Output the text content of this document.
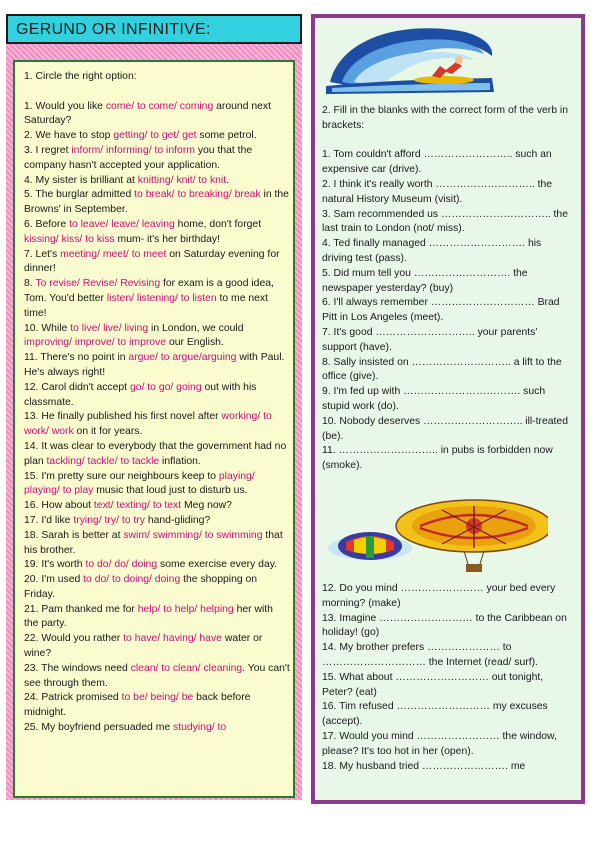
GERUND OR INFINITIVE:

1. Circle the right option:

1. Would you like come/ to come/ coming around next Saturday?

2. We have to stop getting/ to get/ get some petrol.

3. I regret inform/ informing/ to inform you that the company hasn't accepted your application.

4. My sister is brilliant at knitting/ knit/ to knit.

5. The burglar admitted to break/ to breaking/ break in the Browns' in September.

6. Before to leave/ leave/ leaving home, don't forget kissing/ kiss/ to kiss mum- it's her birthday!

7. Let's meeting/ meet/ to meet on Saturday evening for dinner!

8. To revise/ Revise/ Revising for exam is a good idea, Tom. You'd better listen/ listening/ to listen to me next time!

10. While to live/ live/ living in London, we could improving/ improve/ to improve our English.

11. There's no point in argue/ to argue/arguing with Paul. He's always right!

12. Carol didn't accept go/ to go/ going out with his classmate.

13. He finally published his first novel after working/ to work/ work on it for years.

14. It was clear to everybody that the government had no plan tackling/ tackle/ to tackle inflation.

15. I'm pretty sure our neighbours keep to playing/ playing/ to play music that loud just to disturb us.

16. How about text/ texting/ to text Meg now?

17. I'd like trying/ try/ to try hand-gliding?

18. Sarah is better at swim/ swimming/ to swimming that his brother.

19. It's worth to do/ do/ doing some exercise every day.

20. I'm used to do/ to doing/ doing the shopping on Friday.

21. Pam thanked me for help/ to help/ helping her with the party.

22. Would you rather to have/ having/ have water or wine?

23. The windows need clean/ to clean/ cleaning. You can't see through them.

24. Patrick promised to be/ being/ be back before midnight.

25. My boyfriend persuaded me studying/ to

2. Fill in the blanks with the correct form of the verb in brackets:

1. Tom couldn't afford …………………….. such an expensive car (drive).

2. I think it's really worth ……………………….. the natural History Museum (visit).

3. Sam recommended us ………………………….. the last train to London (not/ miss).

4. Ted finally managed ………………………. his driving test (pass).

5. Did mum tell you ………………………. the newspaper yesterday? (buy)

6. I'll always remember ………………………… Brad Pitt in Los Angeles (meet).

7. It's good ……………………….. your parents' support (have).

8. Sally insisted on ……………………….. a lift to the office (give).

9. I'm fed up with ……………………………. such stupid work (do).

10. Nobody deserves ……………………….. ill-treated (be).

11. ……………………….. in pubs is forbidden now (smoke).

12. Do you mind …………………… your bed every morning? (make)

13. Imagine ……………………… to the Caribbean on holiday! (go)

14. My brother prefers ………………… to ………………………… the Internet (read/ surf).

15. What about ……………………… out tonight, Peter? (eat)

16. Tim refused ……………………… my excuses (accept).

17. Would you mind …………………… the window, please? It's too hot in her (open).

18. My husband tried ……………………. me
